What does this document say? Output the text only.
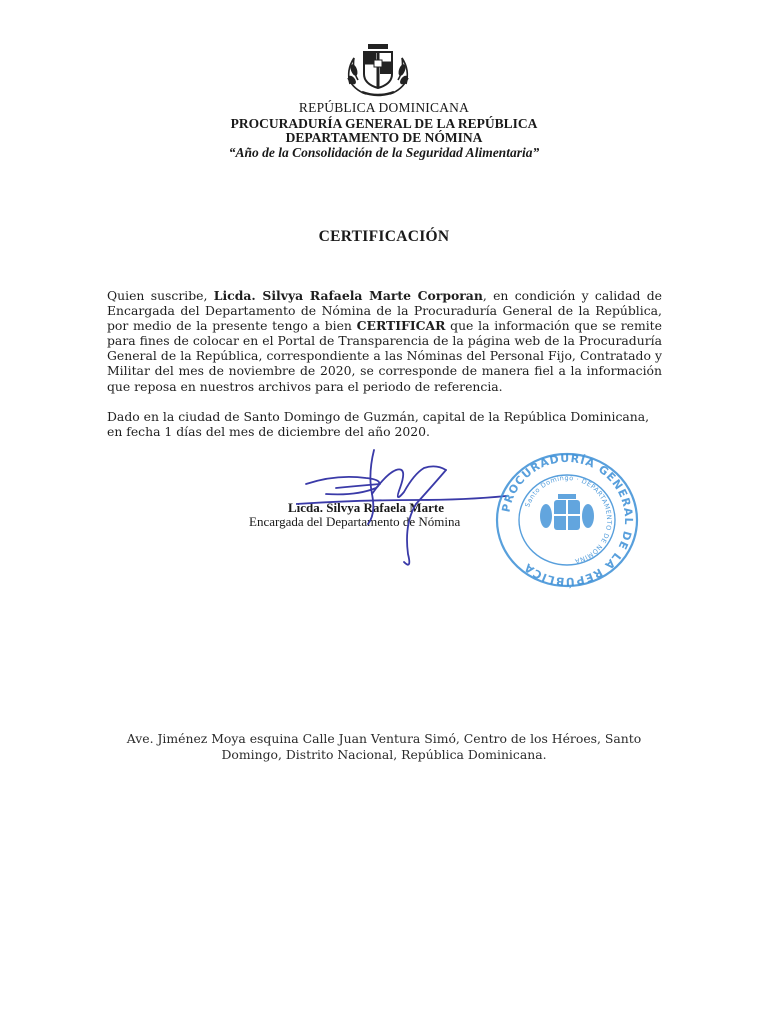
REPÚBLICA DOMINICANA
PROCURADURÍA GENERAL DE LA REPÚBLICA
DEPARTAMENTO DE NÓMINA
“Año de la Consolidación de la Seguridad Alimentaria”
CERTIFICACIÓN
Quien suscribe, Licda. Silvya Rafaela Marte Corporan, en condición y calidad de Encargada del Departamento de Nómina de la Procuraduría General de la República, por medio de la presente tengo a bien CERTIFICAR que la información que se remite para fines de colocar en el Portal de Transparencia de la página web de la Procuraduría General de la República, correspondiente a las Nóminas del Personal Fijo, Contratado y Militar del mes de noviembre de 2020, se corresponde de manera fiel a la información que reposa en nuestros archivos para el periodo de referencia.
Dado en la ciudad de Santo Domingo de Guzmán, capital de la República Dominicana,
en fecha 1 días del mes de diciembre del año 2020.
Licda. Silvya Rafaela Marte
Encargada del Departamento de Nómina
PROCURADURÍA GENERAL DE LA REPÚBLICA
Santo Domingo · DEPARTAMENTO DE NÓMINA
Ave. Jiménez Moya esquina Calle Juan Ventura Simó, Centro de los Héroes, Santo
Domingo, Distrito Nacional, República Dominicana.
